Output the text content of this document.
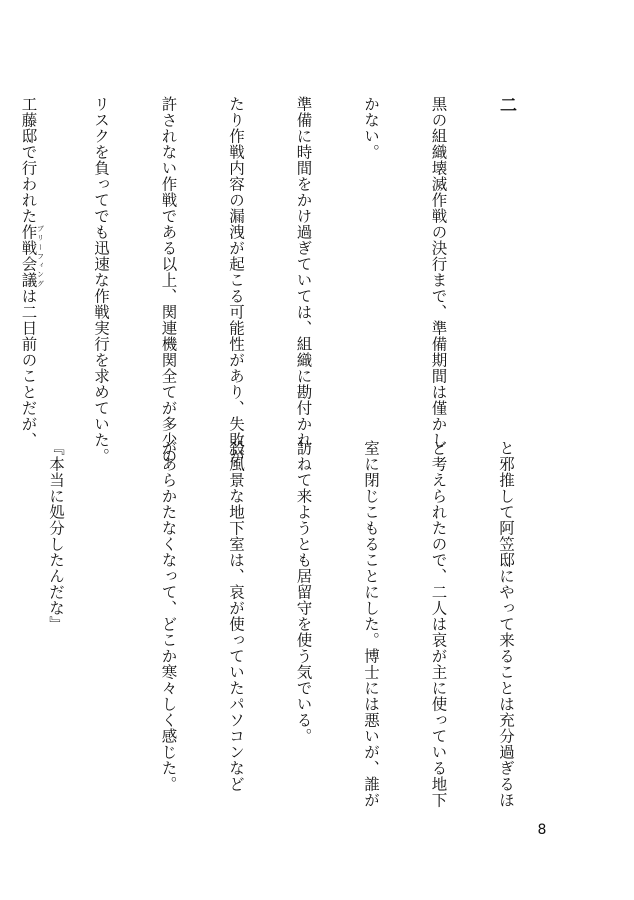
二

黒の組織壊滅作戦の決行まで、準備期間は僅かし

かない。

準備に時間をかけ過ぎていては、組織に勘付かれ

たり作戦内容の漏洩が起こる可能性があり、失敗が

許されない作戦である以上、関連機関全てが多少の

リスクを負ってでも迅速な作戦実行を求めていた。

工藤邸で行われた作戦会議 ブリーフィングは二日前のことだが、

と邪推して阿笠邸にやって来ることは充分過ぎるほ

ど考えられたので、二人は哀が主に使っている地下

室に閉じこもることにした。博士には悪いが、誰が

訪ねて来ようとも居留守を使う気でいる。

殺風景な地下室は、哀が使っていたパソコンなど

があらかたなくなって、どこか寒々しく感じた。

『本当に処分したんだな』

8
